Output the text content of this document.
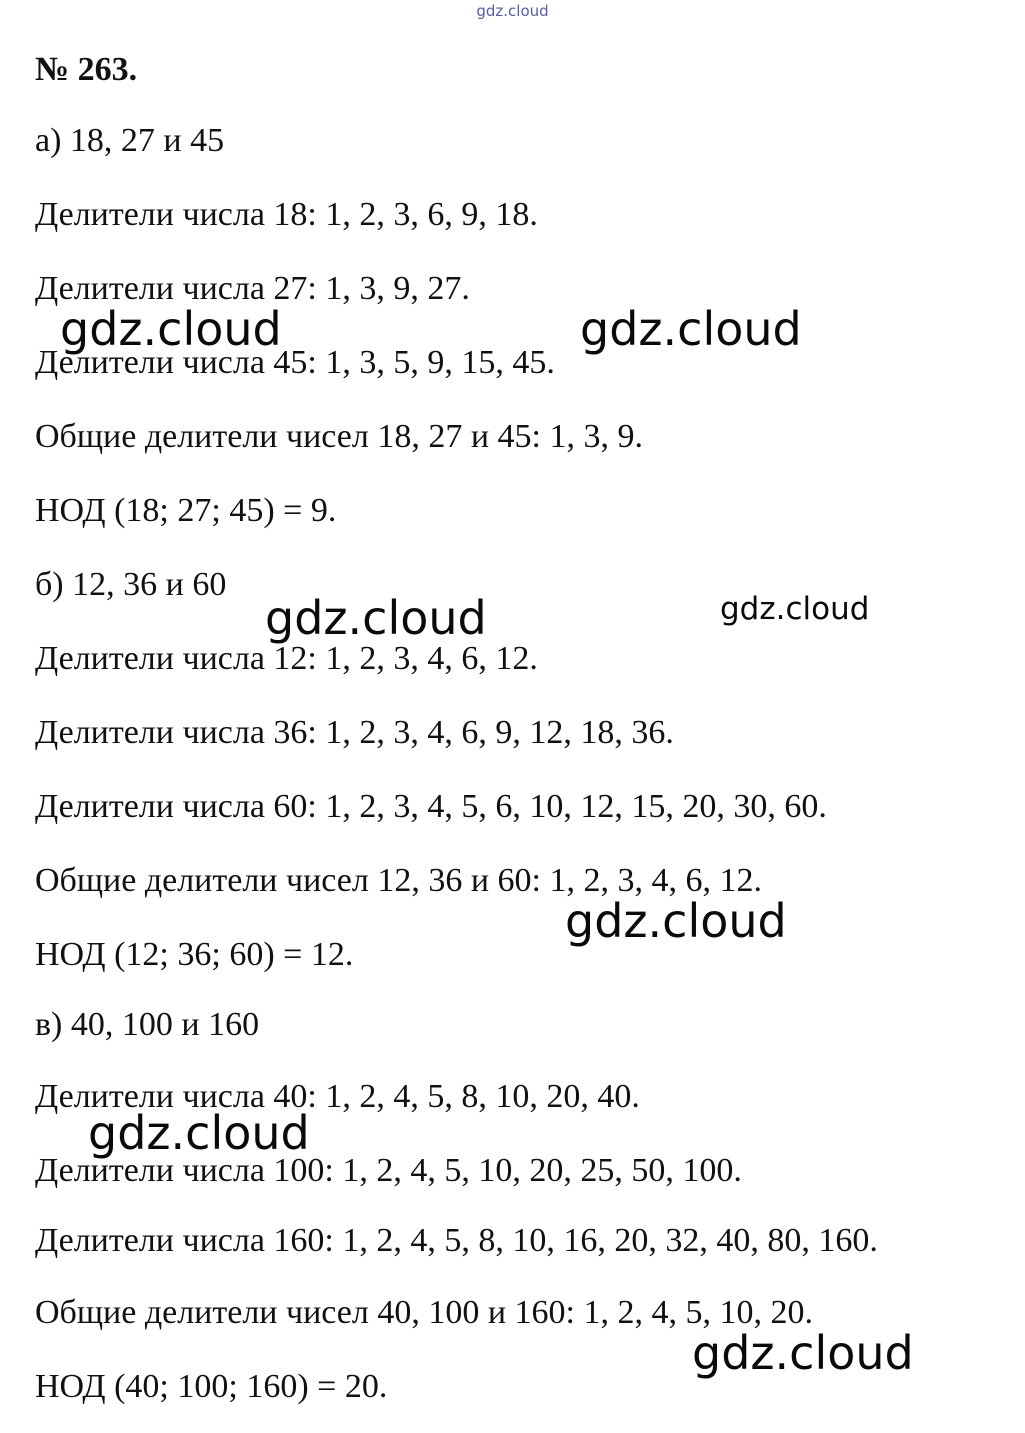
gdz.cloud
№ 263.
а) 18, 27 и 45
Делители числа 18: 1, 2, 3, 6, 9, 18.
Делители числа 27: 1, 3, 9, 27.
Делители числа 45: 1, 3, 5, 9, 15, 45.
Общие делители чисел 18, 27 и 45: 1, 3, 9.
НОД (18; 27; 45) = 9.
б) 12, 36 и 60
Делители числа 12: 1, 2, 3, 4, 6, 12.
Делители числа 36: 1, 2, 3, 4, 6, 9, 12, 18, 36.
Делители числа 60: 1, 2, 3, 4, 5, 6, 10, 12, 15, 20, 30, 60.
Общие делители чисел 12, 36 и 60: 1, 2, 3, 4, 6, 12.
НОД (12; 36; 60) = 12.
в) 40, 100 и 160
Делители числа 40: 1, 2, 4, 5, 8, 10, 20, 40.
Делители числа 100: 1, 2, 4, 5, 10, 20, 25, 50, 100.
Делители числа 160: 1, 2, 4, 5, 8, 10, 16, 20, 32, 40, 80, 160.
Общие делители чисел 40, 100 и 160: 1, 2, 4, 5, 10, 20.
НОД (40; 100; 160) = 20.
gdz.cloud	gdz.cloud
gdz.cloud	gdz.cloud
gdz.cloud
gdz.cloud
gdz.cloud
